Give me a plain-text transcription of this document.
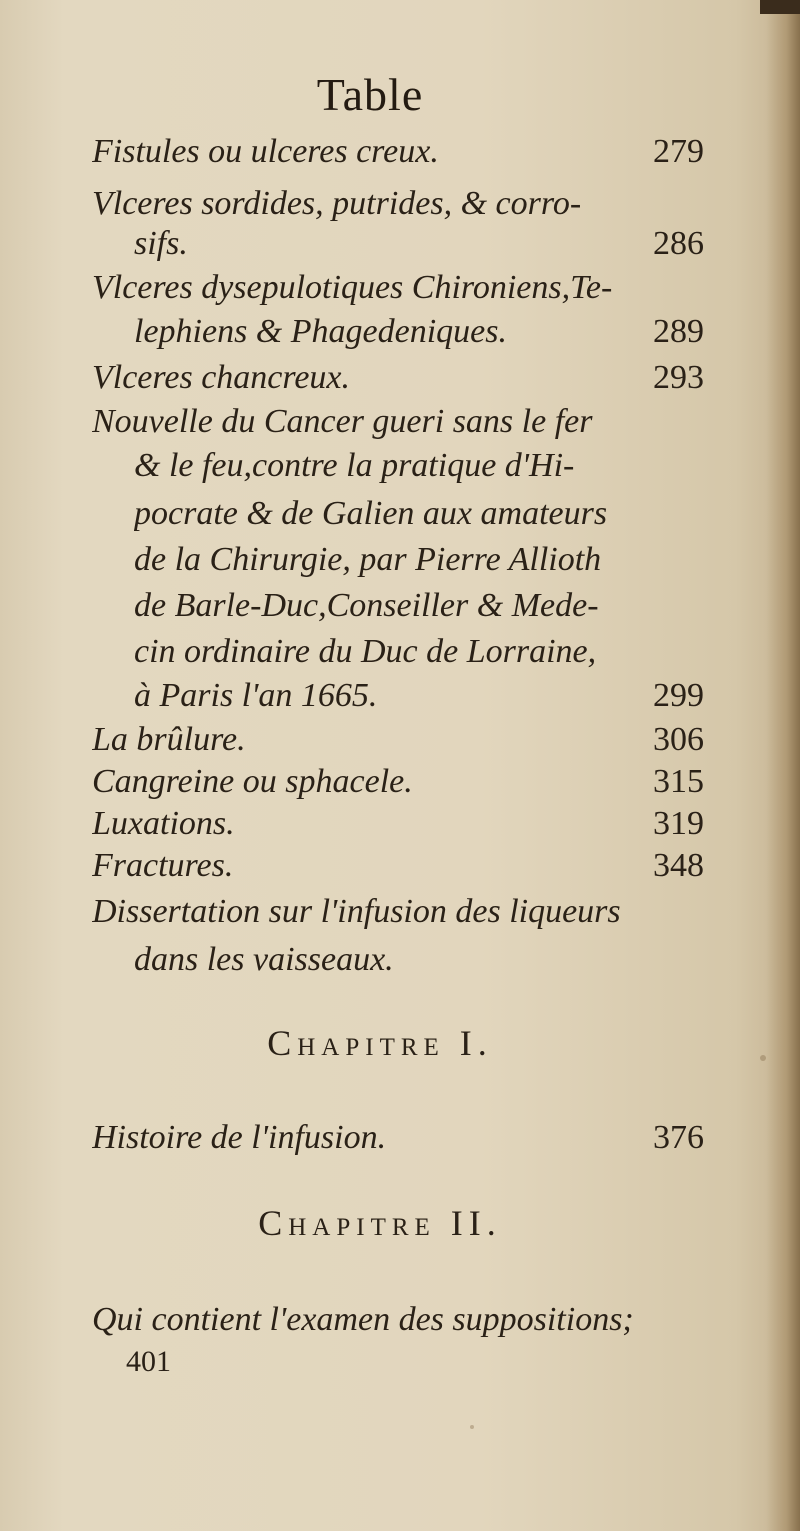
Table
Fistules ou ulceres creux.	279
Vlceres sordides, putrides, & corro-
sifs.	286
Vlceres dysepulotiques Chironiens,Te-
lephiens & Phagedeniques.	289
Vlceres chancreux.	293
Nouvelle du Cancer gueri sans le fer
& le feu,contre la pratique d'Hi-
pocrate & de Galien aux amateurs
de la Chirurgie, par Pierre Allioth
de Barle-Duc,Conseiller & Mede-
cin ordinaire du Duc de Lorraine,
à Paris l'an 1665.	299
La brûlure.	306
Cangreine ou sphacele.	315
Luxations.	319
Fractures.	348
Dissertation sur l'infusion des liqueurs
dans les vaisseaux.
Chapitre I.
Histoire de l'infusion.	376
Chapitre II.
Qui contient l'examen des suppositions;
401
